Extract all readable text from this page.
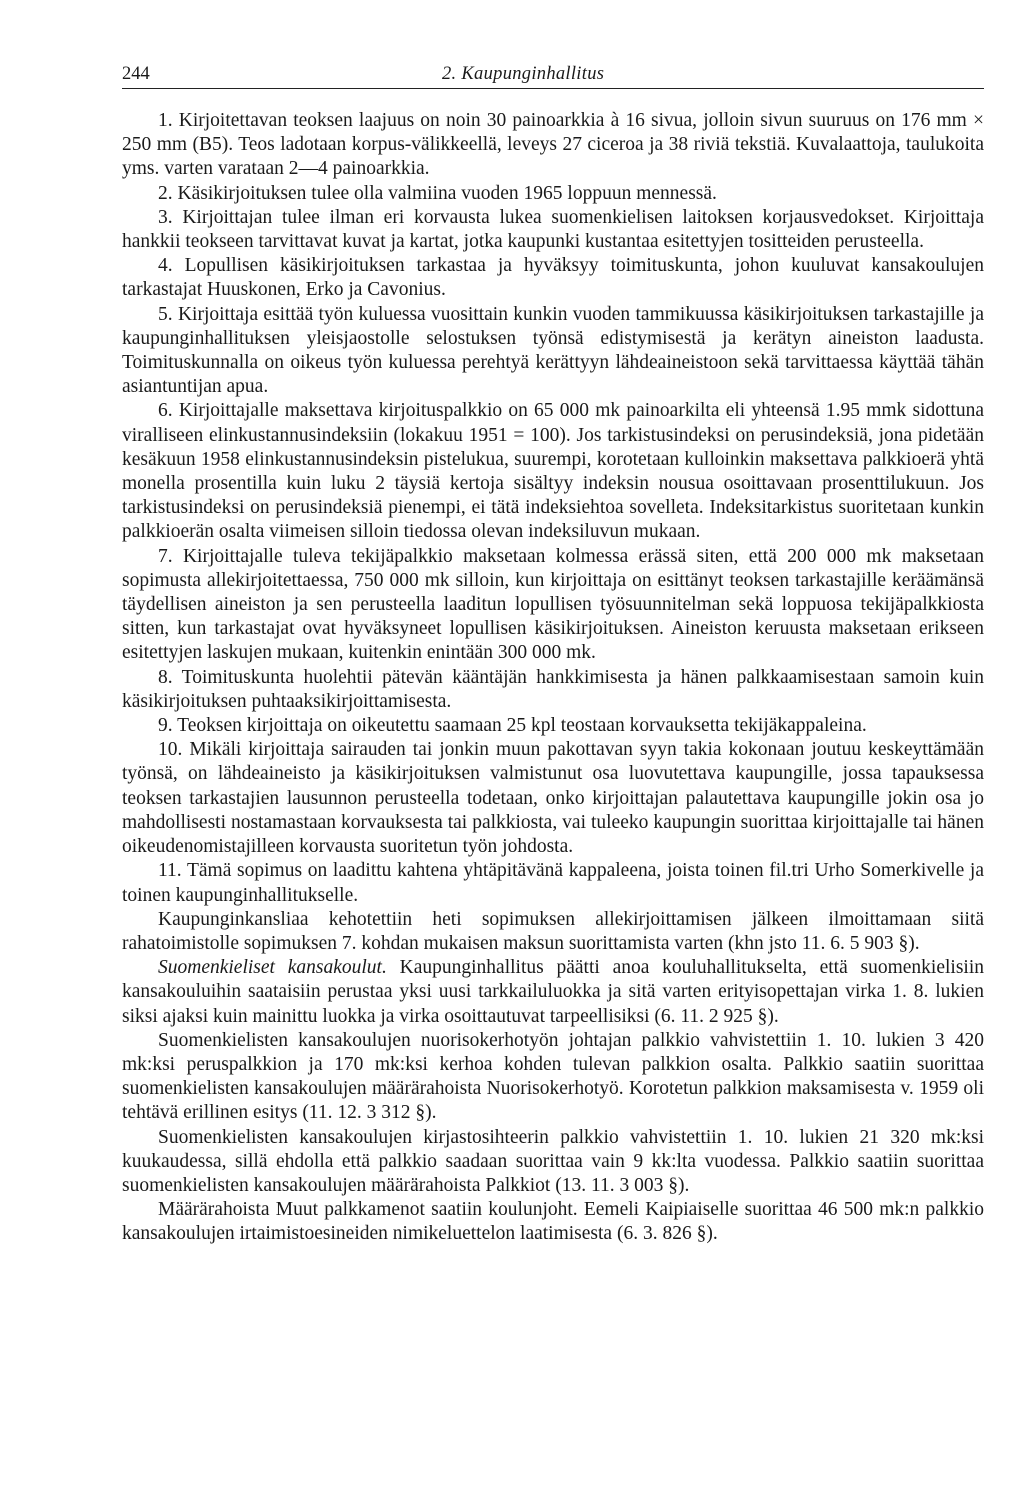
244	2. Kaupunginhallitus

1. Kirjoitettavan teoksen laajuus on noin 30 painoarkkia à 16 sivua, jolloin sivun suuruus on 176 mm × 250 mm (B5). Teos ladotaan korpus-välikkeellä, leveys 27 ciceroa ja 38 riviä tekstiä. Kuvalaattoja, taulukoita yms. varten varataan 2—4 painoarkkia.

2. Käsikirjoituksen tulee olla valmiina vuoden 1965 loppuun mennessä.

3. Kirjoittajan tulee ilman eri korvausta lukea suomenkielisen laitoksen korjausvedokset. Kirjoittaja hankkii teokseen tarvittavat kuvat ja kartat, jotka kaupunki kustantaa esitettyjen tositteiden perusteella.

4. Lopullisen käsikirjoituksen tarkastaa ja hyväksyy toimituskunta, johon kuuluvat kansakoulujen tarkastajat Huuskonen, Erko ja Cavonius.

5. Kirjoittaja esittää työn kuluessa vuosittain kunkin vuoden tammikuussa käsikirjoituksen tarkastajille ja kaupunginhallituksen yleisjaostolle selostuksen työnsä edistymisestä ja kerätyn aineiston laadusta. Toimituskunnalla on oikeus työn kuluessa perehtyä kerättyyn lähdeaineistoon sekä tarvittaessa käyttää tähän asiantuntijan apua.

6. Kirjoittajalle maksettava kirjoituspalkkio on 65 000 mk painoarkilta eli yhteensä 1.95 mmk sidottuna viralliseen elinkustannusindeksiin (lokakuu 1951 = 100). Jos tarkistusindeksi on perusindeksiä, jona pidetään kesäkuun 1958 elinkustannusindeksin pistelukua, suurempi, korotetaan kulloinkin maksettava palkkioerä yhtä monella prosentilla kuin luku 2 täysiä kertoja sisältyy indeksin nousua osoittavaan prosenttilukuun. Jos tarkistusindeksi on perusindeksiä pienempi, ei tätä indeksiehtoa sovelleta. Indeksitarkistus suoritetaan kunkin palkkioerän osalta viimeisen silloin tiedossa olevan indeksiluvun mukaan.

7. Kirjoittajalle tuleva tekijäpalkkio maksetaan kolmessa erässä siten, että 200 000 mk maksetaan sopimusta allekirjoitettaessa, 750 000 mk silloin, kun kirjoittaja on esittänyt teoksen tarkastajille keräämänsä täydellisen aineiston ja sen perusteella laaditun lopullisen työsuunnitelman sekä loppuosa tekijäpalkkiosta sitten, kun tarkastajat ovat hyväksyneet lopullisen käsikirjoituksen. Aineiston keruusta maksetaan erikseen esitettyjen laskujen mukaan, kuitenkin enintään 300 000 mk.

8. Toimituskunta huolehtii pätevän kääntäjän hankkimisesta ja hänen palkkaamisestaan samoin kuin käsikirjoituksen puhtaaksikirjoittamisesta.

9. Teoksen kirjoittaja on oikeutettu saamaan 25 kpl teostaan korvauksetta tekijäkappaleina.

10. Mikäli kirjoittaja sairauden tai jonkin muun pakottavan syyn takia kokonaan joutuu keskeyttämään työnsä, on lähdeaineisto ja käsikirjoituksen valmistunut osa luovutettava kaupungille, jossa tapauksessa teoksen tarkastajien lausunnon perusteella todetaan, onko kirjoittajan palautettava kaupungille jokin osa jo mahdollisesti nostamastaan korvauksesta tai palkkiosta, vai tuleeko kaupungin suorittaa kirjoittajalle tai hänen oikeudenomistajilleen korvausta suoritetun työn johdosta.

11. Tämä sopimus on laadittu kahtena yhtäpitävänä kappaleena, joista toinen fil.tri Urho Somerkivelle ja toinen kaupunginhallitukselle.

Kaupunginkansliaa kehotettiin heti sopimuksen allekirjoittamisen jälkeen ilmoittamaan siitä rahatoimistolle sopimuksen 7. kohdan mukaisen maksun suorittamista varten (khn jsto 11. 6. 5 903 §).

Suomenkieliset kansakoulut. Kaupunginhallitus päätti anoa kouluhallitukselta, että suomenkielisiin kansakouluihin saataisiin perustaa yksi uusi tarkkailuluokka ja sitä varten erityisopettajan virka 1. 8. lukien siksi ajaksi kuin mainittu luokka ja virka osoittautuvat tarpeellisiksi (6. 11. 2 925 §).

Suomenkielisten kansakoulujen nuorisokerhotyön johtajan palkkio vahvistettiin 1. 10. lukien 3 420 mk:ksi peruspalkkion ja 170 mk:ksi kerhoa kohden tulevan palkkion osalta. Palkkio saatiin suorittaa suomenkielisten kansakoulujen määrärahoista Nuorisokerhotyö. Korotetun palkkion maksamisesta v. 1959 oli tehtävä erillinen esitys (11. 12. 3 312 §).

Suomenkielisten kansakoulujen kirjastosihteerin palkkio vahvistettiin 1. 10. lukien 21 320 mk:ksi kuukaudessa, sillä ehdolla että palkkio saadaan suorittaa vain 9 kk:lta vuodessa. Palkkio saatiin suorittaa suomenkielisten kansakoulujen määrärahoista Palkkiot (13. 11. 3 003 §).

Määrärahoista Muut palkkamenot saatiin koulunjoht. Eemeli Kaipiaiselle suorittaa 46 500 mk:n palkkio kansakoulujen irtaimistoesineiden nimikeluettelon laatimisesta (6. 3. 826 §).
